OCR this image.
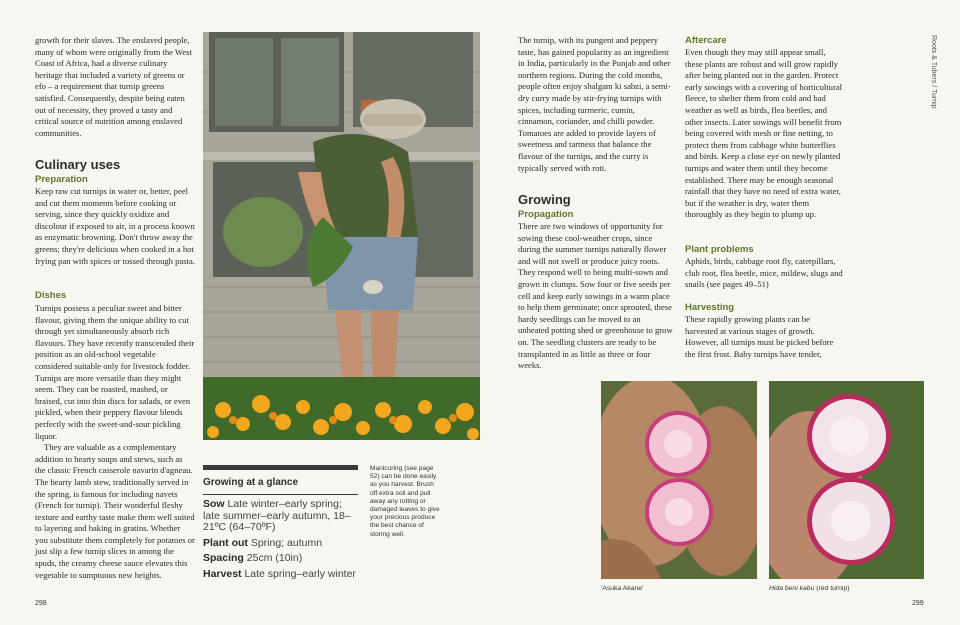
growth for their slaves. The enslaved people, many of whom were originally from the West Coast of Africa, had a diverse culinary heritage that included a variety of greens or efo – a requirement that turnip greens satisfied. Consequently, despite being eaten out of necessity, they proved a tasty and critical source of nutrition among enslaved communities.

Culinary uses
Preparation

Keep raw cut turnips in water or, better, peel and cut them moments before cooking or serving, since they quickly oxidize and discolour if exposed to air, in a process known as enzymatic browning. Don't throw away the greens; they're delicious when cooked in a hot frying pan with spices or tossed through pasta.

Dishes

Turnips possess a peculiar sweet and bitter flavour, giving them the unique ability to cut through yet simultaneously absorb rich flavours. They have recently transcended their position as an old-school vegetable considered suitable only for livestock fodder. Turnips are more versatile than they might seem. They can be roasted, mashed, or braised, cut into thin discs for salads, or even pickled, when their peppery flavour blends perfectly with the sweet-and-sour pickling liquor.

They are valuable as a complementary addition to hearty soups and stews, such as the classic French casserole navarin d'agneau. The hearty lamb stew, traditionally served in the spring, is famous for including navets (French for turnip). Their wonderful fleshy texture and earthy taste make them well suited to layering and baking in gratins. Whether you substitute them completely for potatoes or just slip a few turnip slices in among the spuds, the creamy cheese sauce elevates this vegetable to sumptuous new heights.

298
Growing at a glance

Sow Late winter–early spring; late summer–early autumn, 18–21ºC (64–70ºF)

Plant out Spring; autumn

Spacing 25cm (10in)

Harvest Late spring–early winter

Manicuring (see page 52) can be done easily as you harvest. Brush off extra soil and pull away any rotting or damaged leaves to give your precious produce the best chance of storing well.

The turnip, with its pungent and peppery taste, has gained popularity as an ingredient in India, particularly in the Punjab and other northern regions. During the cold months, people often enjoy shalgam ki sabzi, a semi-dry curry made by stir-frying turnips with spices, including turmeric, cumin, cinnamon, coriander, and chilli powder. Tomatoes are added to provide layers of sweetness and tartness that balance the flavour of the turnips, and the curry is typically served with roti.

Growing
Propagation

There are two windows of opportunity for sowing these cool-weather crops, since during the summer turnips naturally flower and will not swell or produce juicy roots. They respond well to being multi-sown and grown in clumps. Sow four or five seeds per cell and keep early sowings in a warm place to help them germinate; once sprouted, these hardy seedlings can be moved to an unheated potting shed or greenhouse to grow on. The seedling clusters are ready to be transplanted in as little as three or four weeks.

Aftercare

Even though they may still appear small, these plants are robust and will grow rapidly after being planted out in the garden. Protect early sowings with a covering of horticultural fleece, to shelter them from cold and bad weather as well as birds, flea beetles, and other insects. Later sowings will benefit from being covered with mesh or fine netting, to protect them from cabbage white butterflies and birds. Keep a close eye on newly planted turnips and water them until they become established. There may be enough seasonal rainfall that they have no need of extra water, but if the weather is dry, water them thoroughly as they begin to plump up.

Plant problems

Aphids, birds, cabbage root fly, caterpillars, club root, flea beetle, mice, mildew, slugs and snails (see pages 49–51)

Harvesting

These rapidly growing plants can be harvested at various stages of growth. However, all turnips must be picked before the first frost. Baby turnips have tender,

Roots & Tubers / Turnip
'Asuka Akane'	Hida beni kabu (red turnip)
299
